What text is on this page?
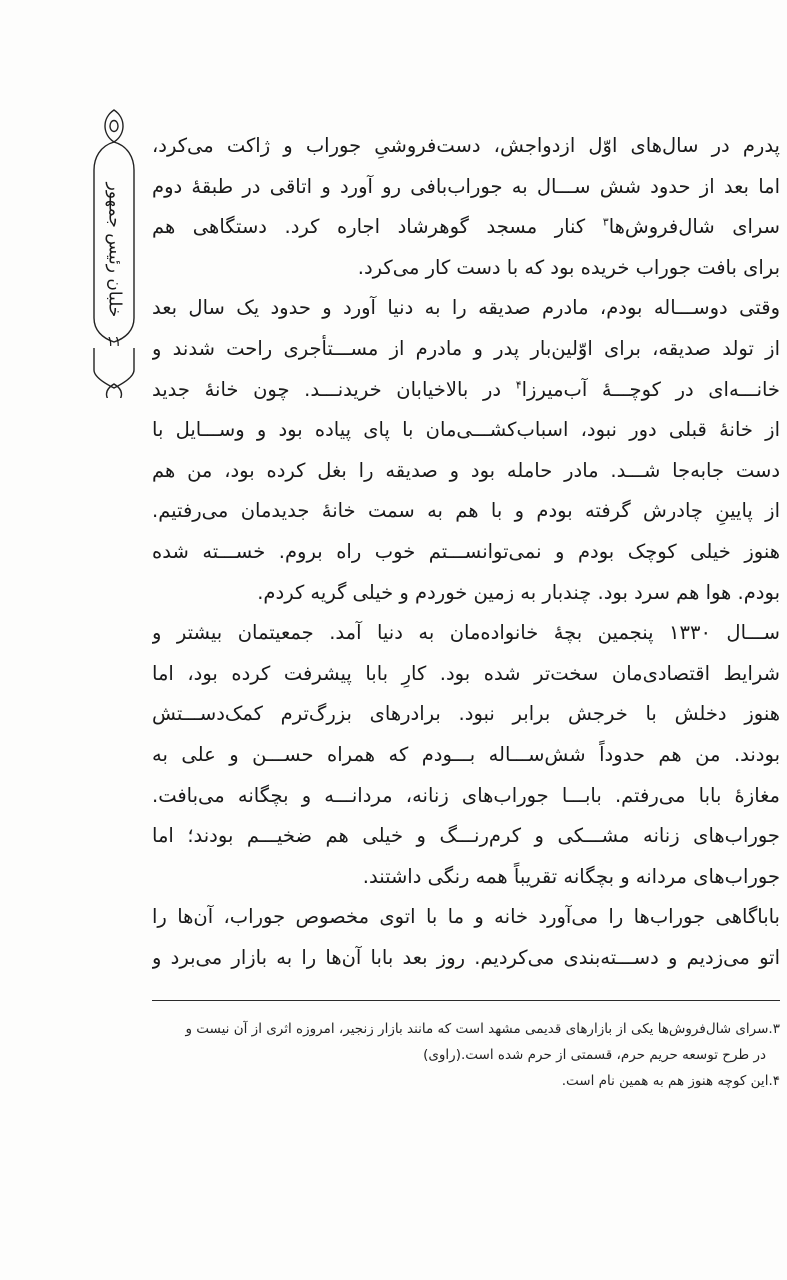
خلبان رئیس جمهور
۱۱
پدرم در سال‌های اوّل ازدواجش، دست‌فروشیِ جوراب و ژاکت می‌کرد،
اما بعد از حدود شش ســـال به جوراب‌بافی رو آورد و اتاقی در طبقهٔ دوم
سرای شال‌فروش‌ها$^۳$ کنار مسجد گوهرشاد اجاره کرد. دستگاهی هم
برای بافت جوراب خریده بود که با دست کار می‌کرد.
وقتی دوســـاله بودم، مادرم صدیقه را به دنیا آورد و حدود یک سال بعد
از تولد صدیقه، برای اوّلین‌بار پدر و مادرم از مســـتأجری راحت شدند و
خانـــه‌ای در کوچـــهٔ آب‌میرزا$^۴$ در بالاخیابان خریدنـــد. چون خانهٔ جدید
از خانهٔ قبلی دور نبود، اسباب‌کشـــی‌مان با پای پیاده بود و وســـایل با
دست جابه‌جا شـــد. مادر حامله بود و صدیقه را بغل کرده بود، من هم
از پایینِ چادرش گرفته بودم و با هم به سمت خانهٔ جدیدمان می‌رفتیم.
هنوز خیلی کوچک بودم و نمی‌توانســـتم خوب راه بروم. خســـته شده
بودم. هوا هم سرد بود. چندبار به زمین خوردم و خیلی گریه کردم.
ســـال ۱۳۳۰ پنجمین بچهٔ خانواده‌مان به دنیا آمد. جمعیتمان بیشتر و
شرایط اقتصادی‌مان سخت‌تر شده بود. کارِ بابا پیشرفت کرده بود، اما
هنوز دخلش با خرجش برابر نبود. برادرهای بزرگ‌ترم کمک‌دســـتش
بودند. من هم حدوداً شش‌ســـاله بـــودم که همراه حســـن و علی به
مغازهٔ بابا می‌رفتم. بابـــا جوراب‌های زنانه، مردانـــه و بچگانه می‌بافت.
جوراب‌های زنانه مشـــکی و کرم‌رنـــگ و خیلی هم ضخیـــم بودند؛ اما
جوراب‌های مردانه و بچگانه تقریباً همه رنگی داشتند.
باباگاهی جوراب‌ها را می‌آورد خانه و ما با اتوی مخصوص جوراب، آن‌ها را
اتو می‌زدیم و دســـته‌بندی می‌کردیم. روز بعد بابا آن‌ها را به بازار می‌برد و
۳.سرای شال‌فروش‌ها یکی از بازارهای قدیمی مشهد است که مانند بازار زنجیر، امروزه اثری از آن نیست و
در طرح توسعه حریم حرم، قسمتی از حرم شده است.(راوی)
۴.این کوچه هنوز هم به همین نام است.
